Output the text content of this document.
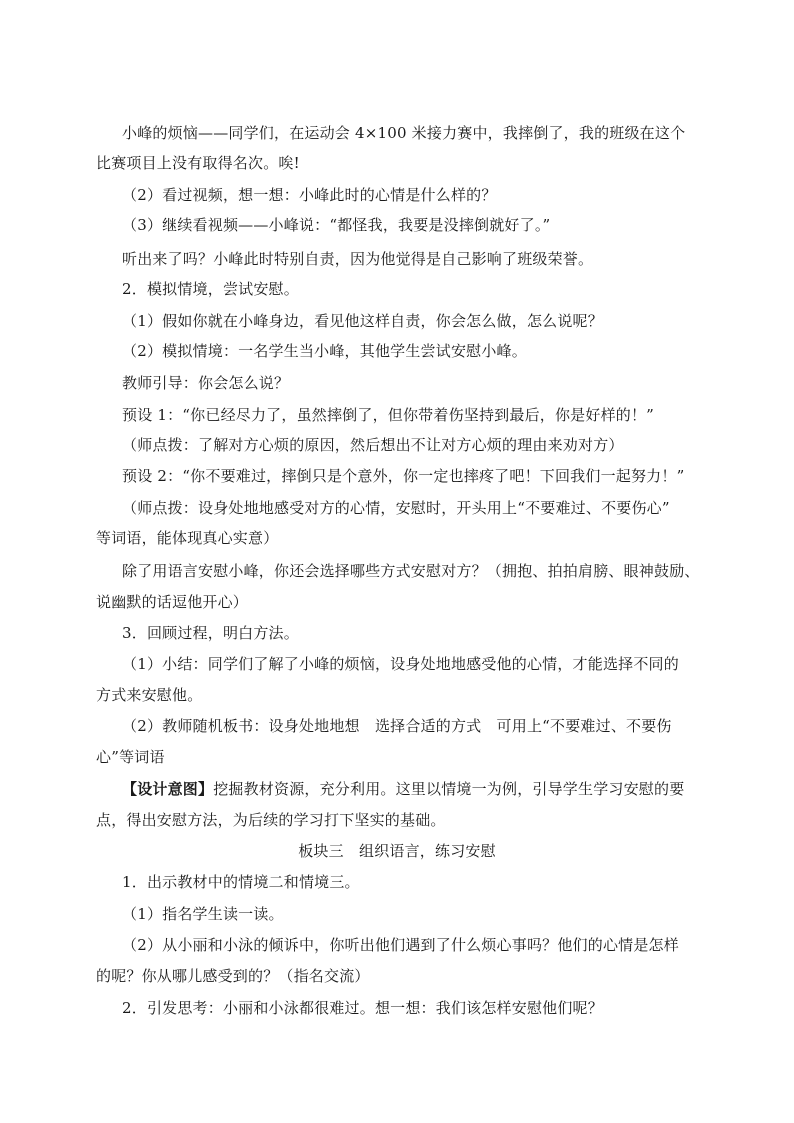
小峰的烦恼——同学们，在运动会 4×100 米接力赛中，我摔倒了，我的班级在这个
比赛项目上没有取得名次。唉!
（2）看过视频，想一想：小峰此时的心情是什么样的？
（3）继续看视频——小峰说：“都怪我，我要是没摔倒就好了。”
听出来了吗？小峰此时特别自责，因为他觉得是自己影响了班级荣誉。
2．模拟情境，尝试安慰。
（1）假如你就在小峰身边，看见他这样自责，你会怎么做，怎么说呢？
（2）模拟情境：一名学生当小峰，其他学生尝试安慰小峰。
教师引导：你会怎么说？
预设 1：“你已经尽力了，虽然摔倒了，但你带着伤坚持到最后，你是好样的！”
（师点拨：了解对方心烦的原因，然后想出不让对方心烦的理由来劝对方）
预设 2：“你不要难过，摔倒只是个意外，你一定也摔疼了吧！下回我们一起努力！”
（师点拨：设身处地地感受对方的心情，安慰时，开头用上“不要难过、不要伤心”
等词语，能体现真心实意）
除了用语言安慰小峰，你还会选择哪些方式安慰对方？（拥抱、拍拍肩膀、眼神鼓励、
说幽默的话逗他开心）
3．回顾过程，明白方法。
（1）小结：同学们了解了小峰的烦恼，设身处地地感受他的心情，才能选择不同的
方式来安慰他。
（2）教师随机板书：设身处地地想　选择合适的方式　可用上“不要难过、不要伤
心”等词语
【设计意图】挖掘教材资源，充分利用。这里以情境一为例，引导学生学习安慰的要
点，得出安慰方法，为后续的学习打下坚实的基础。
板块三　组织语言，练习安慰
1．出示教材中的情境二和情境三。
（1）指名学生读一读。
（2）从小丽和小泳的倾诉中，你听出他们遇到了什么烦心事吗？他们的心情是怎样
的呢？你从哪儿感受到的？（指名交流）
2．引发思考：小丽和小泳都很难过。想一想：我们该怎样安慰他们呢？
